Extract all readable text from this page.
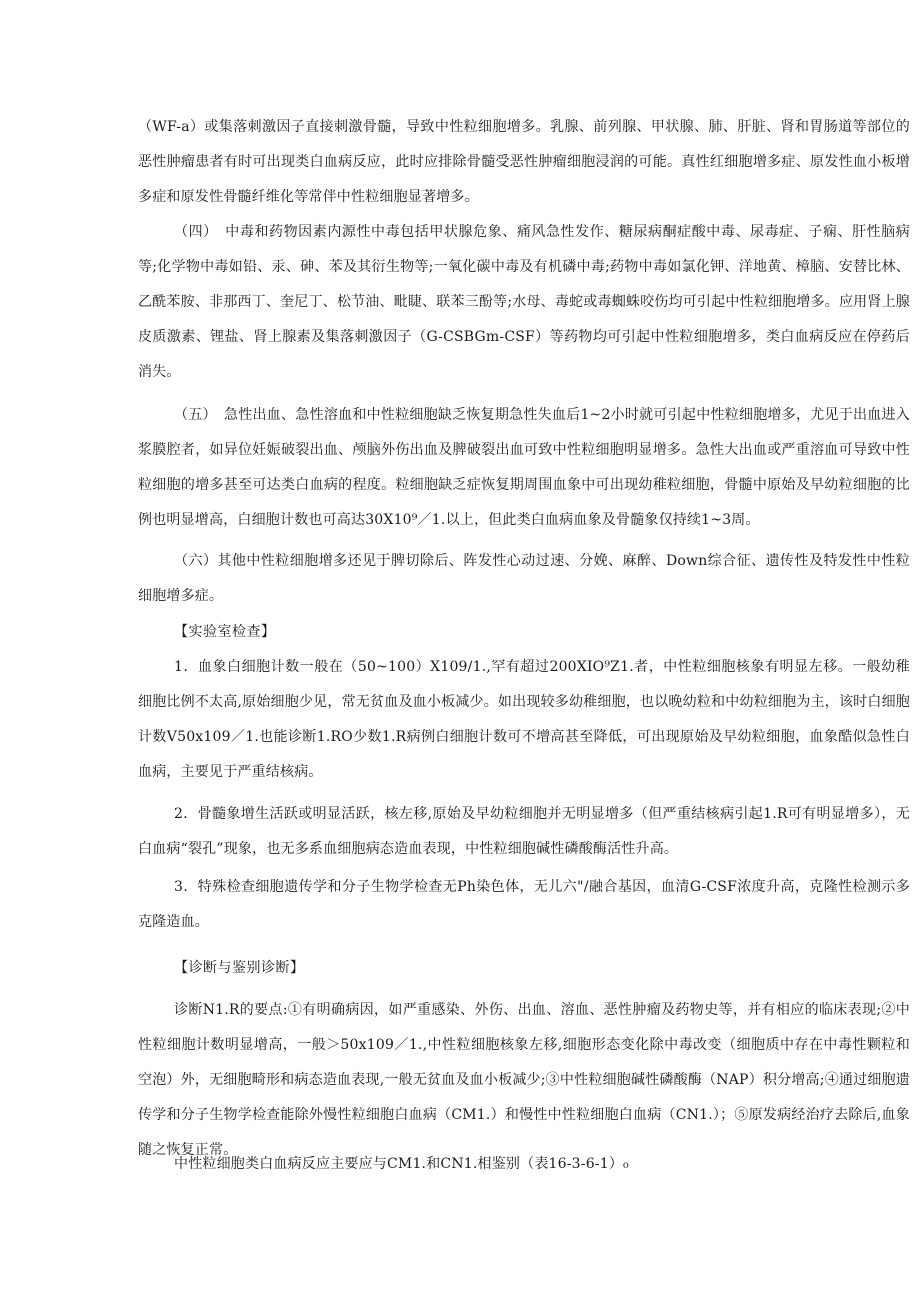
（WF-a）或集落刺激因子直接刺激骨髓，导致中性粒细胞增多。乳腺、前列腺、甲状腺、肺、肝脏、肾和胃肠道等部位的恶性肿瘤患者有时可出现类白血病反应，此时应排除骨髓受恶性肿瘤细胞浸润的可能。真性红细胞增多症、原发性血小板增多症和原发性骨髓纤维化等常伴中性粒细胞显著增多。

（四）　中毒和药物因素内源性中毒包括甲状腺危象、痛风急性发作、糖尿病酮症酸中毒、尿毒症、子痫、肝性脑病等;化学物中毒如铅、汞、砷、苯及其衍生物等;一氧化碳中毒及有机磷中毒;药物中毒如氯化钾、洋地黄、樟脑、安替比林、乙酰苯胺、非那西丁、奎尼丁、松节油、毗睫、联苯三酚等;水母、毒蛇或毒蜘蛛咬伤均可引起中性粒细胞增多。应用肾上腺皮质激素、锂盐、肾上腺素及集落刺激因子（G-CSBGm-CSF）等药物均可引起中性粒细胞增多，类白血病反应在停药后消失。

（五）　急性出血、急性溶血和中性粒细胞缺乏恢复期急性失血后1~2小时就可引起中性粒细胞增多，尤见于出血进入浆膜腔者，如异位妊娠破裂出血、颅脑外伤出血及脾破裂出血可致中性粒细胞明显增多。急性大出血或严重溶血可导致中性粒细胞的增多甚至可达类白血病的程度。粒细胞缺乏症恢复期周围血象中可出现幼稚粒细胞，骨髓中原始及早幼粒细胞的比例也明显增高，白细胞计数也可高达30X10⁹／1.以上，但此类白血病血象及骨髓象仅持续1~3周。

（六）其他中性粒细胞增多还见于脾切除后、阵发性心动过速、分娩、麻醉、Down综合征、遗传性及特发性中性粒细胞增多症。

【实验室检查】

1．血象白细胞计数一般在（50~100）X109/1.,罕有超过200XIO⁹Z1.者，中性粒细胞核象有明显左移。一般幼稚细胞比例不太高,原始细胞少见，常无贫血及血小板减少。如出现较多幼稚细胞，也以晚幼粒和中幼粒细胞为主，该时白细胞计数V50x109／1.也能诊断1.RO少数1.R病例白细胞计数可不增高甚至降低，可出现原始及早幼粒细胞，血象酷似急性白血病，主要见于严重结核病。

2．骨髓象增生活跃或明显活跃，核左移,原始及早幼粒细胞并无明显增多（但严重结核病引起1.R可有明显增多），无白血病“裂孔”现象，也无多系血细胞病态造血表现，中性粒细胞碱性磷酸酶活性升高。

3．特殊检查细胞遗传学和分子生物学检查无Ph染色体，无儿六"/融合基因，血清G-CSF浓度升高，克隆性检测示多克隆造血。

【诊断与鉴别诊断】

诊断N1.R的要点:①有明确病因，如严重感染、外伤、出血、溶血、恶性肿瘤及药物史等，并有相应的临床表现;②中性粒细胞计数明显增高，一般＞50x109／1.,中性粒细胞核象左移,细胞形态变化除中毒改变（细胞质中存在中毒性颗粒和空泡）外，无细胞畸形和病态造血表现,一般无贫血及血小板减少;③中性粒细胞碱性磷酸酶（NAP）积分增高;④通过细胞遗传学和分子生物学检查能除外慢性粒细胞白血病（CM1.）和慢性中性粒细胞白血病（CN1.）；⑤原发病经治疗去除后,血象随之恢复正常。

中性粒细胞类白血病反应主要应与CM1.和CN1.相鉴别（表16-3-6-1）₀
